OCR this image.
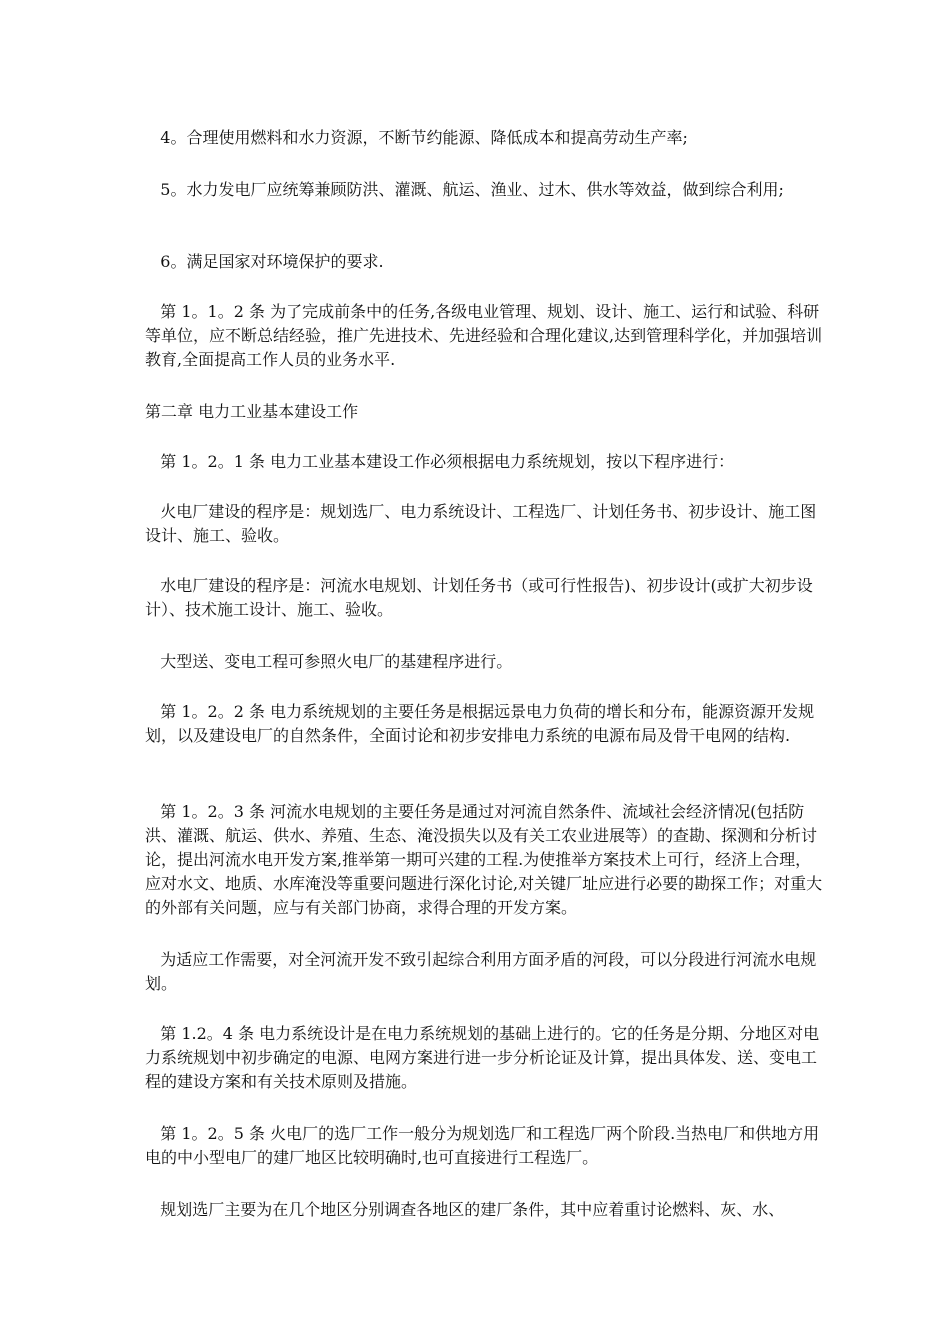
4。合理使用燃料和水力资源，不断节约能源、降低成本和提高劳动生产率;
5。水力发电厂应统筹兼顾防洪、灌溉、航运、渔业、过木、供水等效益，做到综合利用;
6。满足国家对环境保护的要求.
第 1。1。2 条 为了完成前条中的任务,各级电业管理、规划、设计、施工、运行和试验、科研等单位，应不断总结经验，推广先进技术、先进经验和合理化建议,达到管理科学化，并加强培训教育,全面提高工作人员的业务水平.
第二章 电力工业基本建设工作
第 1。2。1 条 电力工业基本建设工作必须根据电力系统规划，按以下程序进行：
火电厂建设的程序是：规划选厂、电力系统设计、工程选厂、计划任务书、初步设计、施工图设计、施工、验收。
水电厂建设的程序是：河流水电规划、计划任务书（或可行性报告)、初步设计(或扩大初步设计）、技术施工设计、施工、验收。
大型送、变电工程可参照火电厂的基建程序进行。
第 1。2。2 条 电力系统规划的主要任务是根据远景电力负荷的增长和分布，能源资源开发规划，以及建设电厂的自然条件，全面讨论和初步安排电力系统的电源布局及骨干电网的结构.
第 1。2。3 条 河流水电规划的主要任务是通过对河流自然条件、流域社会经济情况(包括防洪、灌溉、航运、供水、养殖、生态、淹没损失以及有关工农业进展等）的查勘、探测和分析讨论，提出河流水电开发方案,推举第一期可兴建的工程.为使推举方案技术上可行，经济上合理，应对水文、地质、水库淹没等重要问题进行深化讨论,对关键厂址应进行必要的勘探工作；对重大的外部有关问题，应与有关部门协商，求得合理的开发方案。
为适应工作需要，对全河流开发不致引起综合利用方面矛盾的河段，可以分段进行河流水电规划。
第 1.2。4 条 电力系统设计是在电力系统规划的基础上进行的。它的任务是分期、分地区对电力系统规划中初步确定的电源、电网方案进行进一步分析论证及计算，提出具体发、送、变电工程的建设方案和有关技术原则及措施。
第 1。2。5 条 火电厂的选厂工作一般分为规划选厂和工程选厂两个阶段.当热电厂和供地方用电的中小型电厂的建厂地区比较明确时,也可直接进行工程选厂。
规划选厂主要为在几个地区分别调查各地区的建厂条件，其中应着重讨论燃料、灰、水、
